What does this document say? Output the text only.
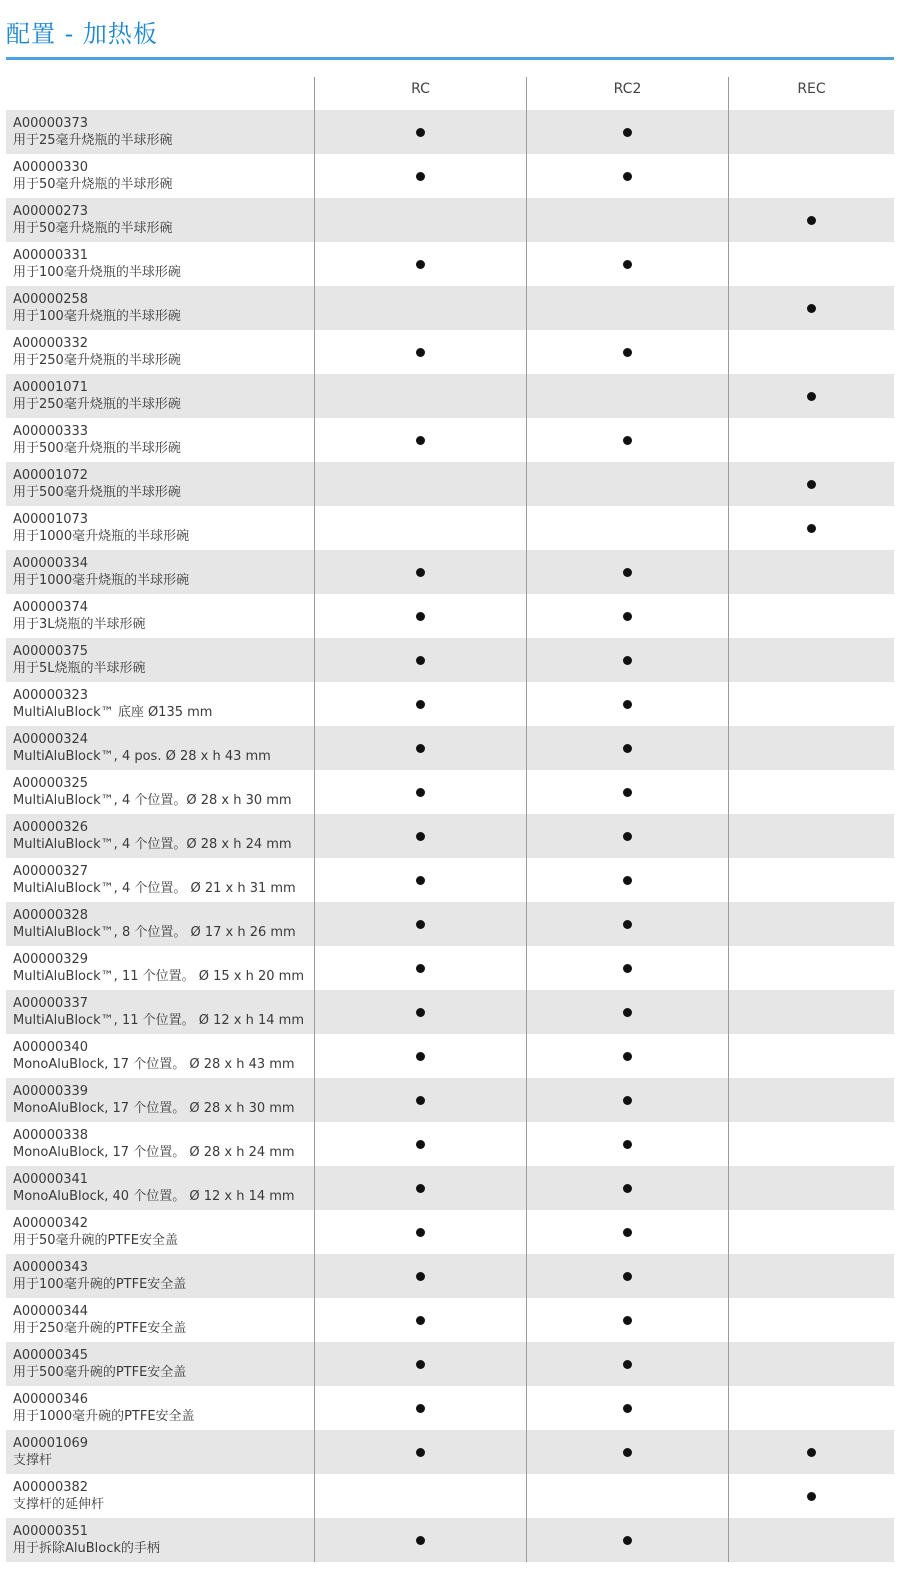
配置 - 加热板
RC	RC2	REC
A00000373
用于25毫升烧瓶的半球形碗
A00000330
用于50毫升烧瓶的半球形碗
A00000273
用于50毫升烧瓶的半球形碗
A00000331
用于100毫升烧瓶的半球形碗
A00000258
用于100毫升烧瓶的半球形碗
A00000332
用于250毫升烧瓶的半球形碗
A00001071
用于250毫升烧瓶的半球形碗
A00000333
用于500毫升烧瓶的半球形碗
A00001072
用于500毫升烧瓶的半球形碗
A00001073
用于1000毫升烧瓶的半球形碗
A00000334
用于1000毫升烧瓶的半球形碗
A00000374
用于3L烧瓶的半球形碗
A00000375
用于5L烧瓶的半球形碗
A00000323
MultiAluBlock™ 底座 Ø135 mm
A00000324
MultiAluBlock™, 4 pos. Ø 28 x h 43 mm
A00000325
MultiAluBlock™, 4 个位置。Ø 28 x h 30 mm
A00000326
MultiAluBlock™, 4 个位置。Ø 28 x h 24 mm
A00000327
MultiAluBlock™, 4 个位置。 Ø 21 x h 31 mm
A00000328
MultiAluBlock™, 8 个位置。 Ø 17 x h 26 mm
A00000329
MultiAluBlock™, 11 个位置。 Ø 15 x h 20 mm
A00000337
MultiAluBlock™, 11 个位置。 Ø 12 x h 14 mm
A00000340
MonoAluBlock, 17 个位置。 Ø 28 x h 43 mm
A00000339
MonoAluBlock, 17 个位置。 Ø 28 x h 30 mm
A00000338
MonoAluBlock, 17 个位置。 Ø 28 x h 24 mm
A00000341
MonoAluBlock, 40 个位置。 Ø 12 x h 14 mm
A00000342
用于50毫升碗的PTFE安全盖
A00000343
用于100毫升碗的PTFE安全盖
A00000344
用于250毫升碗的PTFE安全盖
A00000345
用于500毫升碗的PTFE安全盖
A00000346
用于1000毫升碗的PTFE安全盖
A00001069
支撑杆
A00000382
支撑杆的延伸杆
A00000351
用于拆除AluBlock的手柄
